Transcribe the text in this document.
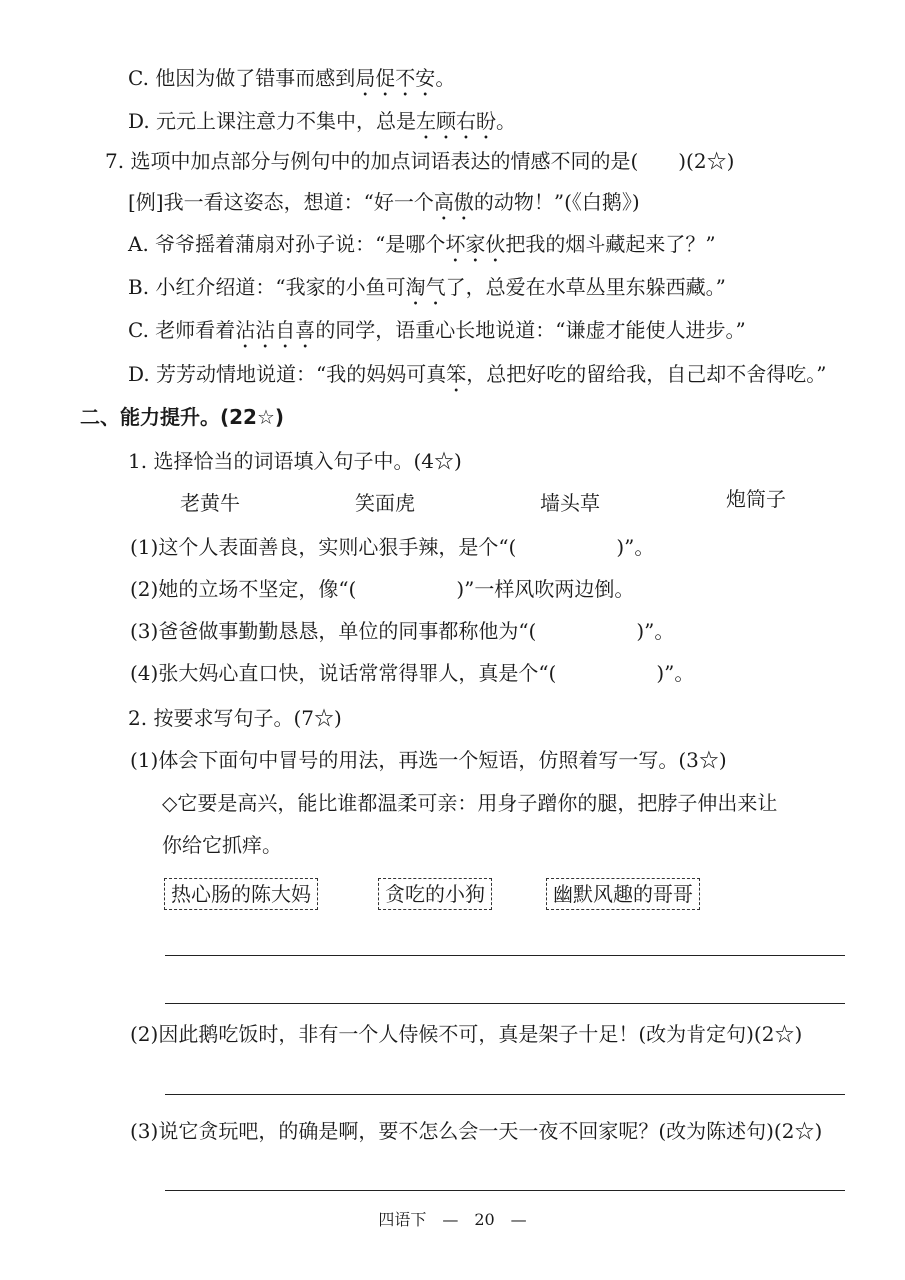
C. 他因为做了错事而感到局促不安。
D. 元元上课注意力不集中，总是左顾右盼。
7. 选项中加点部分与例句中的加点词语表达的情感不同的是(　　)(2☆)
[例]我一看这姿态，想道：“好一个高傲的动物！”(《白鹅》)
A. 爷爷摇着蒲扇对孙子说：“是哪个坏家伙把我的烟斗藏起来了？”
B. 小红介绍道：“我家的小鱼可淘气了，总爱在水草丛里东躲西藏。”
C. 老师看着沾沾自喜的同学，语重心长地说道：“谦虚才能使人进步。”
D. 芳芳动情地说道：“我的妈妈可真笨，总把好吃的留给我，自己却不舍得吃。”
二、能力提升。(22☆)
1. 选择恰当的词语填入句子中。(4☆)
老黄牛	笑面虎	墙头草	炮筒子
(1)这个人表面善良，实则心狠手辣，是个“(　　　　　)”。
(2)她的立场不坚定，像“(　　　　　)”一样风吹两边倒。
(3)爸爸做事勤勤恳恳，单位的同事都称他为“(　　　　　)”。
(4)张大妈心直口快，说话常常得罪人，真是个“(　　　　　)”。
2. 按要求写句子。(7☆)
(1)体会下面句中冒号的用法，再选一个短语，仿照着写一写。(3☆)
◇它要是高兴，能比谁都温柔可亲：用身子蹭你的腿，把脖子伸出来让
你给它抓痒。
热心肠的陈大妈	贪吃的小狗	幽默风趣的哥哥
(2)因此鹅吃饭时，非有一个人侍候不可，真是架子十足！(改为肯定句)(2☆)
(3)说它贪玩吧，的确是啊，要不怎么会一天一夜不回家呢？(改为陈述句)(2☆)
四语下　—　20　—
